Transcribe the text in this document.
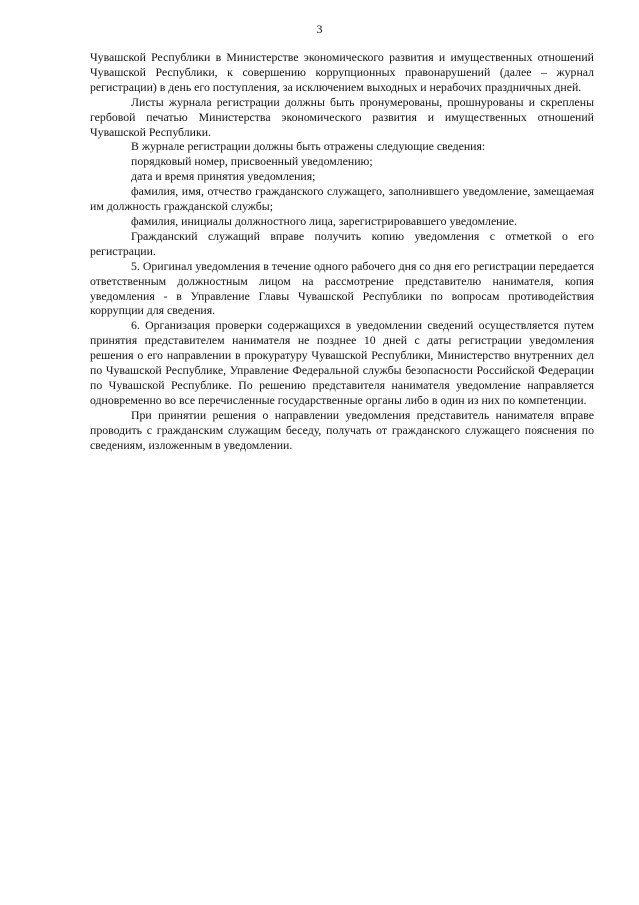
3

Чувашской Республики в Министерстве экономического развития и имущественных отношений Чувашской Республики, к совершению коррупционных правонарушений (далее – журнал регистрации) в день его поступления, за исключением выходных и нерабочих праздничных дней.

Листы журнала регистрации должны быть пронумерованы, прошнурованы и скреплены гербовой печатью Министерства экономического развития и имущественных отношений Чувашской Республики.

В журнале регистрации должны быть отражены следующие сведения:

порядковый номер, присвоенный уведомлению;

дата и время принятия уведомления;

фамилия, имя, отчество гражданского служащего, заполнившего уведомление, замещаемая им должность гражданской службы;

фамилия, инициалы должностного лица, зарегистрировавшего уведомление.

Гражданский служащий вправе получить копию уведомления с отметкой о его регистрации.

5. Оригинал уведомления в течение одного рабочего дня со дня его регистрации передается ответственным должностным лицом на рассмотрение представителю нанимателя, копия уведомления - в Управление Главы Чувашской Республики по вопросам противодействия коррупции для сведения.

6. Организация проверки содержащихся в уведомлении сведений осуществляется путем принятия представителем нанимателя не позднее 10 дней с даты регистрации уведомления решения о его направлении в прокуратуру Чувашской Республики, Министерство внутренних дел по Чувашской Республике, Управление Федеральной службы безопасности Российской Федерации по Чувашской Республике. По решению представителя нанимателя уведомление направляется одновременно во все перечисленные государственные органы либо в один из них по компетенции.

При принятии решения о направлении уведомления представитель нанимателя вправе проводить с гражданским служащим беседу, получать от гражданского служащего пояснения по сведениям, изложенным в уведомлении.
